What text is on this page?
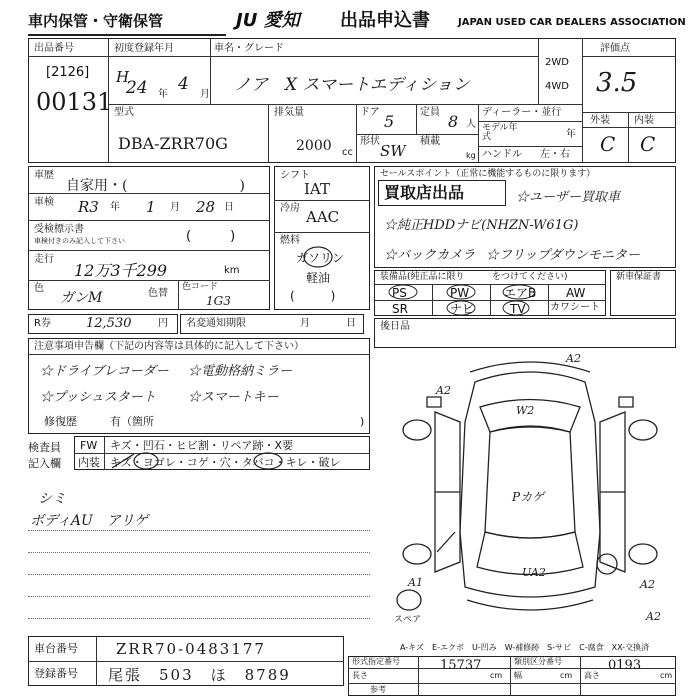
車内保管・守衛保管	JU 愛知 出品申込書	JAPAN USED CAR DEALERS ASSOCIATION
出品番号
[2126]
00131
初度登録年月
H
24 年
4
月
車名・グレード
ノア　X スマートエディション
2WD
4WD
評価点
3.5
外装 内装
C C
型式
DBA-ZRR70G
排気量
2000 cc
ドア 5	定員 8 人
形状
SW
積載
kg
ディーラー・並行
モデル年式	年
ハンドル 左・右
車歴
自家用・(　　　　　　　　)
車検 R3 年 1 月 28 日
受検標示書
車検付きのみ記入して下さい	(　　　)
走行
12万3千299	km
色
ガンM	色替
色コード
1G3
R券	12,530	円 名変通知期限	月	日
シフト
IAT
冷房 AAC
燃料
ガソリン
軽油
(　　　)
セールスポイント（正常に機能するものに限ります）
買取店出品	☆ユーザー買取車
☆純正HDDナビ(NHZN-W61G)
☆バックカメラ ☆フリップダウンモニター
装備品(純正品に限り	をつけてください)
PS	PW	エアB AW
SR	ナビ	TV カワシート
新車保証書
後日品
注意事項申告欄（下記の内容等は具体的に記入して下さい）
☆ドライブレコーダー ☆電動格納ミラー
☆プッシュスタート ☆スマートキー
修復歴	有（箇所	)
検査員記入欄
FW キズ・凹石・ヒビ割・リペア跡・X要
内装 キズ・ヨゴレ・コゲ・穴・タバコ・キレ・破レ
シミ
ボディAU　アリゲ
A2
W2
A2
Pカゲ
UA2
A1	A2
A2
スペア
A-キズ　E-エクボ　U-凹み　W-補修跡　S-サビ　C-腐食　XX-交換済
車台番号	ZRR70-0483177
登録番号 尾張　503　ほ　8789
形式指定番号	15737	類別区分番号	0193
長さ	cm 幅	cm 高さ	cm
参考
